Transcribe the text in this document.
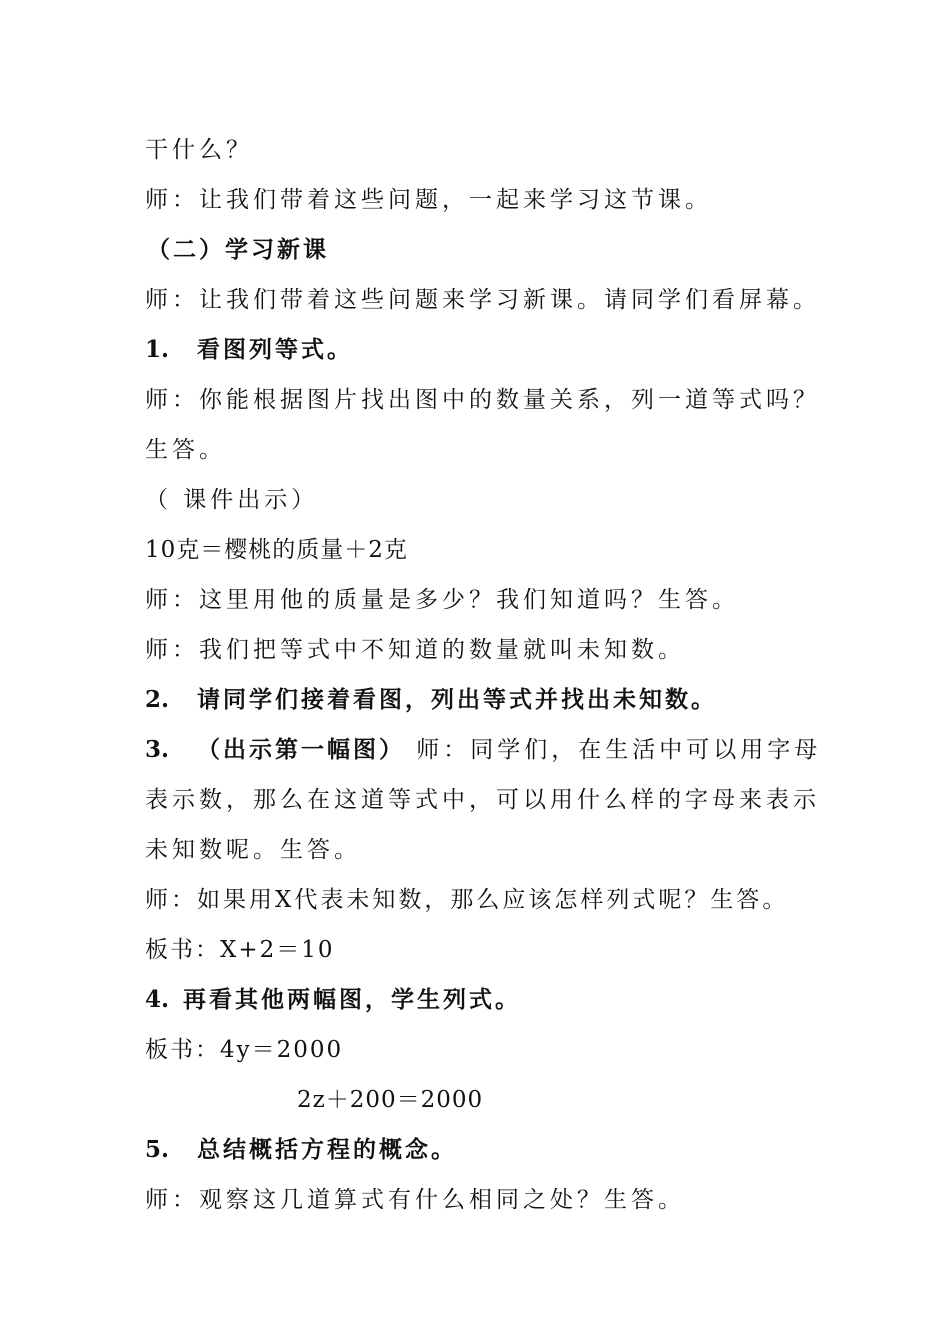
干什么？
师：让我们带着这些问题，一起来学习这节课。
（二）学习新课
师：让我们带着这些问题来学习新课。请同学们看屏幕。
1. 看图列等式。
师：你能根据图片找出图中的数量关系，列一道等式吗？
生答。
（ 课件出示）
10克＝樱桃的质量＋2克
师：这里用他的质量是多少？我们知道吗？生答。
师：我们把等式中不知道的数量就叫未知数。
2. 请同学们接着看图，列出等式并找出未知数。
3. （出示第一幅图） 师：同学们，在生活中可以用字母
表示数，那么在这道等式中，可以用什么样的字母来表示
未知数呢。生答。
师：如果用X代表未知数，那么应该怎样列式呢？生答。
板书：X+2＝10
4. 再看其他两幅图，学生列式。
板书：4y＝2000
2z＋200＝2000
5. 总结概括方程的概念。
师：观察这几道算式有什么相同之处？生答。
